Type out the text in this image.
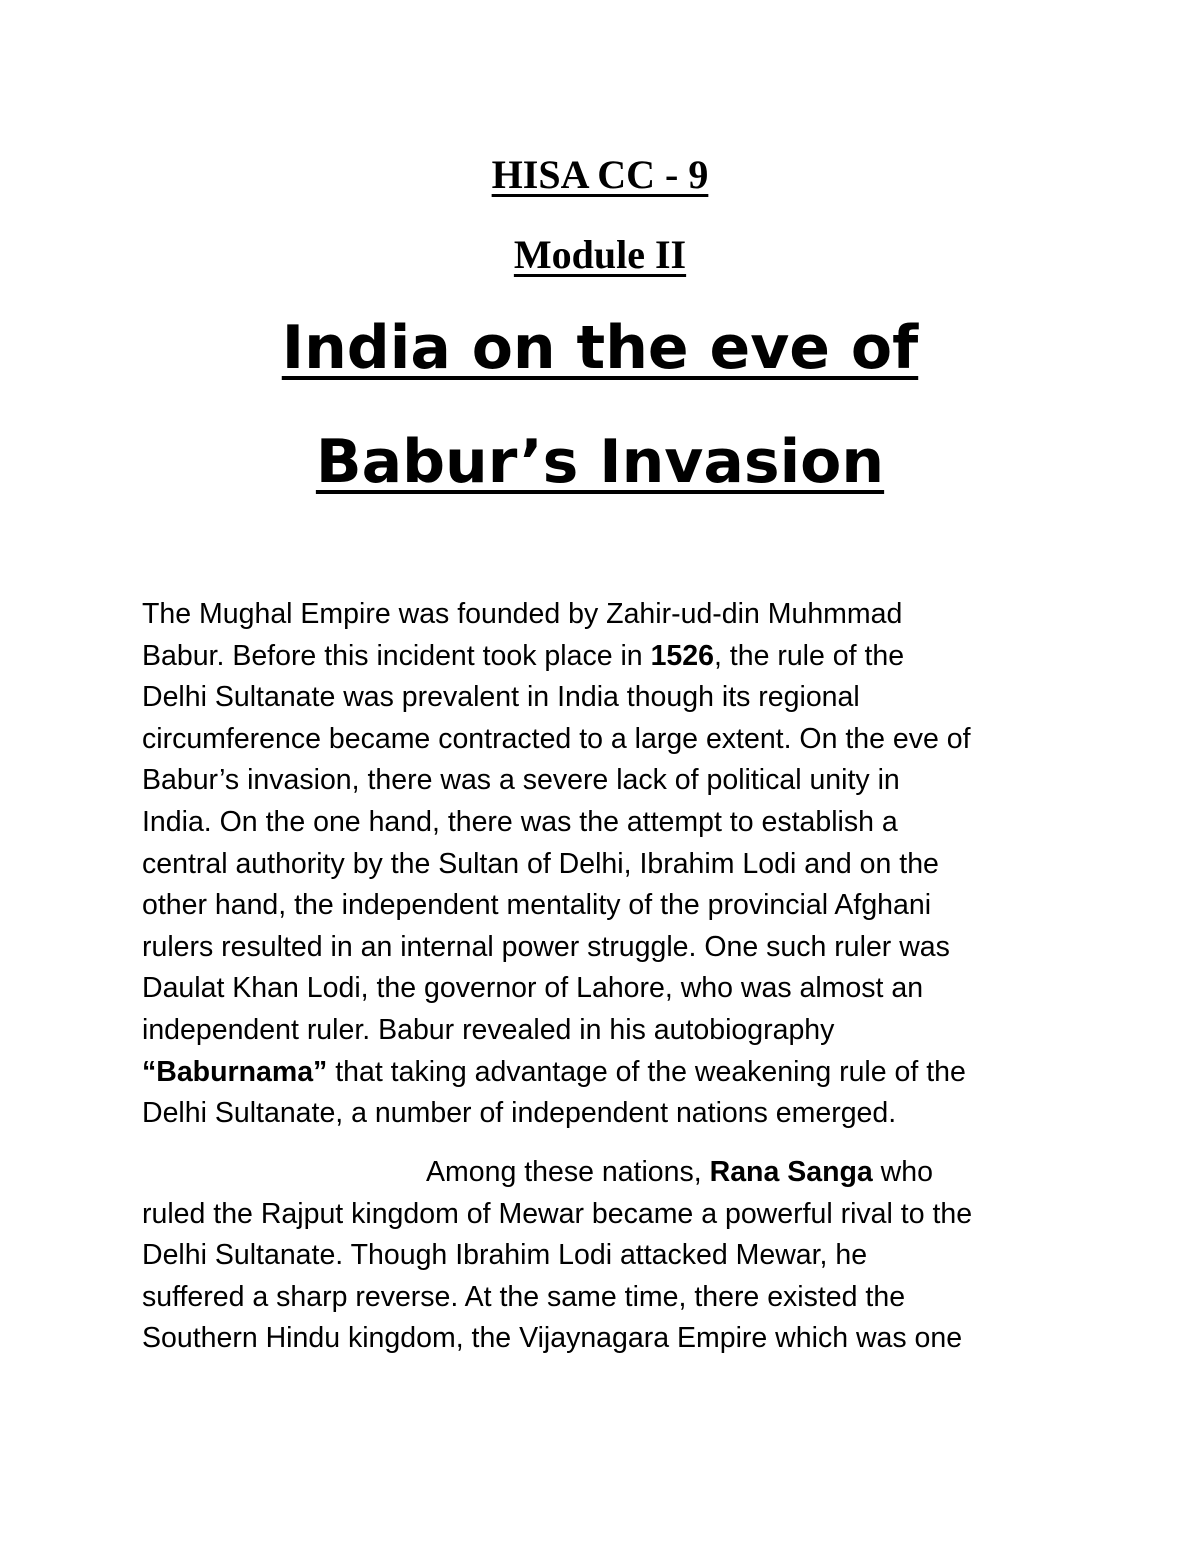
HISA CC - 9
Module II
India on the eve of
Babur’s Invasion

The Mughal Empire was founded by Zahir-ud-din Muhmmad
Babur. Before this incident took place in 1526, the rule of the
Delhi Sultanate was prevalent in India though its regional
circumference became contracted to a large extent. On the eve of
Babur’s invasion, there was a severe lack of political unity in
India. On the one hand, there was the attempt to establish a
central authority by the Sultan of Delhi, Ibrahim Lodi and on the
other hand, the independent mentality of the provincial Afghani
rulers resulted in an internal power struggle. One such ruler was
Daulat Khan Lodi, the governor of Lahore, who was almost an
independent ruler. Babur revealed in his autobiography
“Baburnama” that taking advantage of the weakening rule of the
Delhi Sultanate, a number of independent nations emerged.

Among these nations, Rana Sanga who
ruled the Rajput kingdom of Mewar became a powerful rival to the
Delhi Sultanate. Though Ibrahim Lodi attacked Mewar, he
suffered a sharp reverse. At the same time, there existed the
Southern Hindu kingdom, the Vijaynagara Empire which was one
